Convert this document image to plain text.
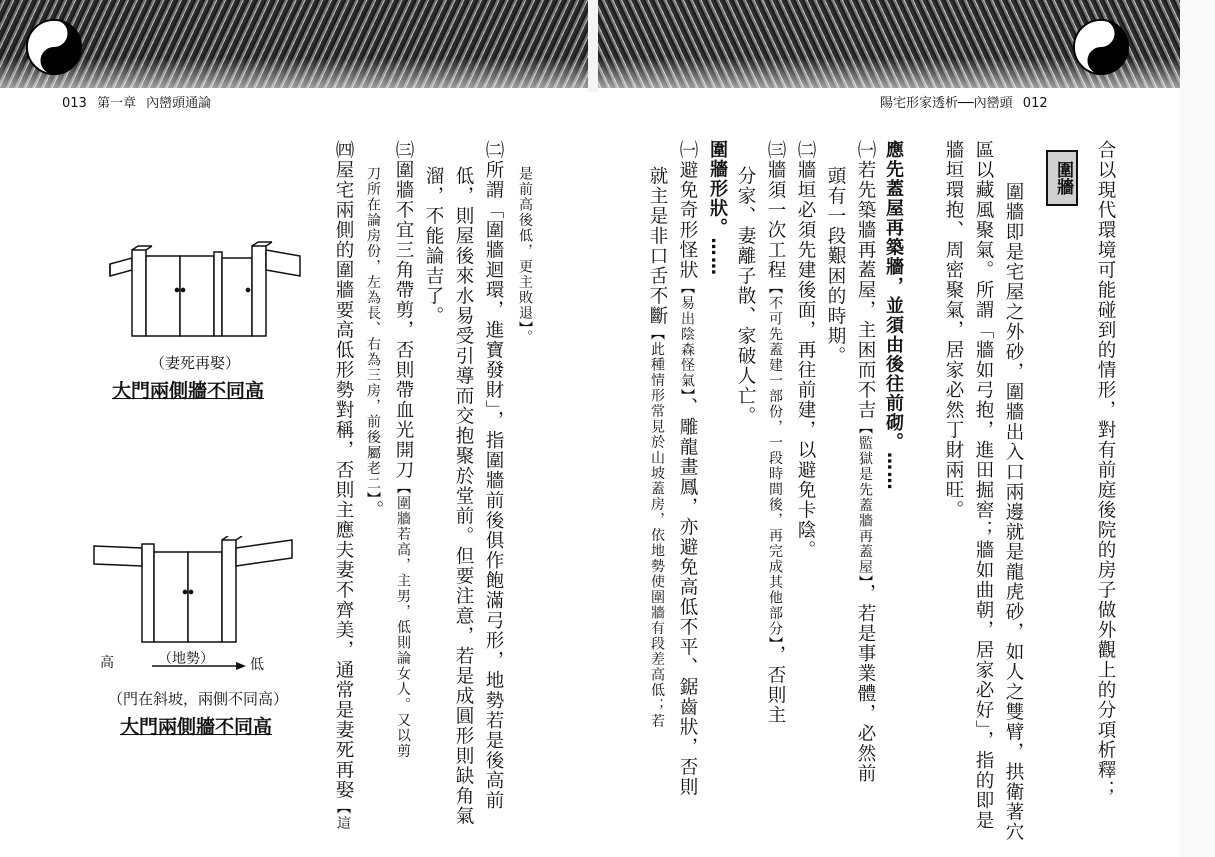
013 第一章 內巒頭通論	陽宅形家透析──內巒頭 012
合以現代環境可能碰到的情形，對有前庭後院的房子做外觀上的分項析釋；
圍牆
圍牆即是宅屋之外砂，圍牆出入口兩邊就是龍虎砂，如人之雙臂，拱衛著穴
區以藏風聚氣。所謂「牆如弓抱，進田掘窖；牆如曲朝，居家必好」，指的即是
牆垣環抱、周密聚氣，居家必然丁財兩旺。
應先蓋屋再築牆，並須由後往前砌。……
㈠若先築牆再蓋屋，主困而不吉【監獄是先蓋牆再蓋屋】，若是事業體，必然前
頭有一段艱困的時期。
㈡牆垣必須先建後面，再往前建，以避免卡陰。
㈢牆須一次工程【不可先蓋建一部份，一段時間後，再完成其他部分】，否則主
分家、妻離子散、家破人亡。
圍牆形狀。……
㈠避免奇形怪狀【易出陰森怪氣】、雕龍畫鳳，亦避免高低不平、鋸齒狀，否則
就主是非口舌不斷【此種情形常見於山坡蓋房，依地勢使圍牆有段差高低；若
是前高後低，更主敗退】。
㈡所謂「圍牆迴環，進寶發財」，指圍牆前後俱作飽滿弓形，地勢若是後高前
低，則屋後來水易受引導而交抱聚於堂前。但要注意，若是成圓形則缺角氣
溜，不能論吉了。
㈢圍牆不宜三角帶剪，否則帶血光開刀【圍牆若高，主男，低則論女人。又以剪
刀所在論房份，左為長、右為三房，前後屬老二】。
㈣屋宅兩側的圍牆要高低形勢對稱，否則主應夫妻不齊美，通常是妻死再娶【這
（妻死再娶）
大門兩側牆不同高
高	（地勢）	低
（門在斜坡，兩側不同高）
大門兩側牆不同高
